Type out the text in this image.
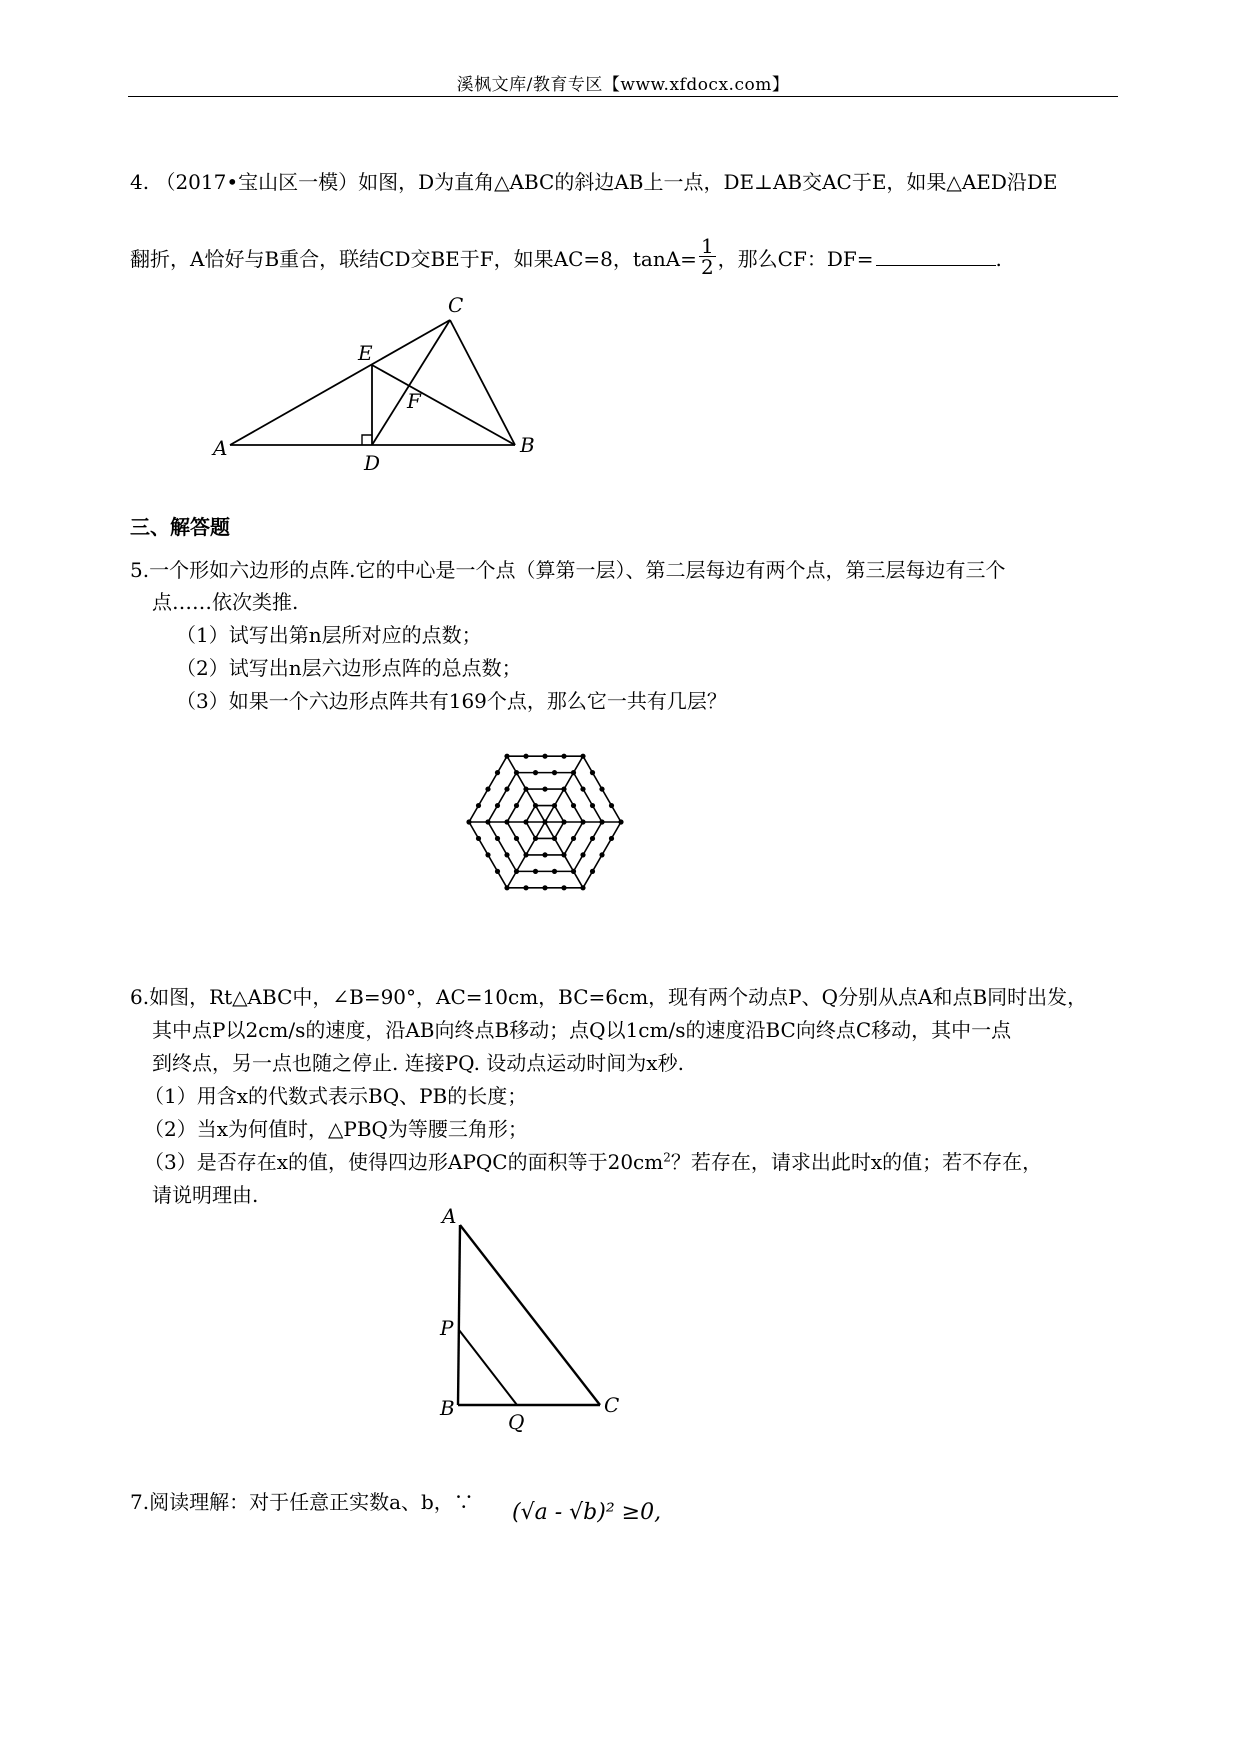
溪枫文库/教育专区【www.xfdocx.com】
4. （2017•宝山区一模）如图，D为直角△ABC的斜边AB上一点，DE⊥AB交AC于E，如果△AED沿DE
翻折，A恰好与B重合，联结CD交BE于F，如果AC=8，$\tan A= \frac{1}{2}$ ，那么CF：DF=	.
A	B
C
D
E
F
三、解答题
5.一个形如六边形的点阵.它的中心是一个点（算第一层）、第二层每边有两个点，第三层每边有三个
点……依次类推.
（1）试写出第n层所对应的点数；
（2）试写出n层六边形点阵的总点数；
（3）如果一个六边形点阵共有169个点，那么它一共有几层？
6.如图，Rt△ABC中，∠B=90°，AC=10cm，BC=6cm，现有两个动点P、Q分别从点A和点B同时出发，
其中点P以2cm/s的速度，沿AB向终点B移动；点Q以1cm/s的速度沿BC向终点C移动，其中一点
到终点，另一点也随之停止. 连接PQ. 设动点运动时间为x秒.
（1）用含x的代数式表示BQ、PB的长度；
（2）当x为何值时，△PBQ为等腰三角形；
（3）是否存在x的值，使得四边形APQC的面积等于$20cm^2$？若存在，请求出此时x的值；若不存在，
请说明理由.
A
P
B
Q
C
7.阅读理解：对于任意正实数a、b，∵ (√a - √b)² ≥0,
